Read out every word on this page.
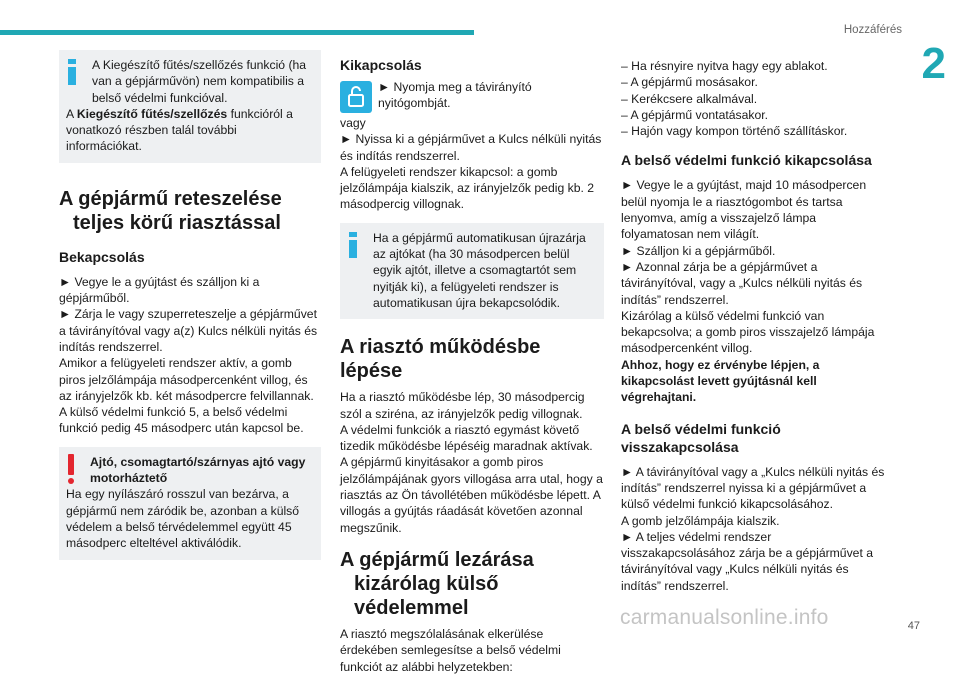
Hozzáférés
2

A Kiegészítő fűtés/szellőzés funkció (ha van a gépjárművön) nem kompatibilis a belső védelmi funkcióval.

A Kiegészítő fűtés/szellőzés funkcióról a vonatkozó részben talál további információkat.

A gépjármű reteszelése
teljes körű riasztással
Bekapcsolás

► Vegye le a gyújtást és szálljon ki a gépjárműből.

► Zárja le vagy szuperreteszelje a gépjárművet a távirányítóval vagy a(z) Kulcs nélküli nyitás és indítás rendszerrel.

Amikor a felügyeleti rendszer aktív, a gomb piros jelzőlámpája másodpercenként villog, és az irányjelzők kb. két másodpercre felvillannak.

A külső védelmi funkció 5, a belső védelmi funkció pedig 45 másodperc után kapcsol be.

Ajtó, csomagtartó/szárnyas ajtó vagy motorháztető

Ha egy nyílászáró rosszul van bezárva, a gépjármű nem záródik be, azonban a külső védelem a belső térvédelemmel együtt 45 másodperc elteltével aktiválódik.

Kikapcsolás

► Nyomja meg a távirányító nyitógombját.

vagy

► Nyissa ki a gépjárművet a Kulcs nélküli nyitás és indítás rendszerrel.

A felügyeleti rendszer kikapcsol: a gomb jelzőlámpája kialszik, az irányjelzők pedig kb. 2 másodpercig villognak.

Ha a gépjármű automatikusan újrazárja az ajtókat (ha 30 másodpercen belül egyik ajtót, illetve a csomagtartót sem nyitják ki), a felügyeleti rendszer is automatikusan újra bekapcsolódik.

A riasztó működésbe lépése

Ha a riasztó működésbe lép, 30 másodpercig szól a sziréna, az irányjelzők pedig villognak.

A védelmi funkciók a riasztó egymást követő tizedik működésbe lépéséig maradnak aktívak.

A gépjármű kinyitásakor a gomb piros jelzőlámpájának gyors villogása arra utal, hogy a riasztás az Ön távollétében működésbe lépett. A villogás a gyújtás ráadását követően azonnal megszűnik.

A gépjármű lezárása
kizárólag külső védelemmel

A riasztó megszólalásának elkerülése érdekében semlegesítse a belső védelmi funkciót az alábbi helyzetekben:

– Ha résnyire nyitva hagy egy ablakot.

– A gépjármű mosásakor.

– Kerékcsere alkalmával.

– A gépjármű vontatásakor.

– Hajón vagy kompon történő szállításkor.

A belső védelmi funkció kikapcsolása

► Vegye le a gyújtást, majd 10 másodpercen belül nyomja le a riasztógombot és tartsa lenyomva, amíg a visszajelző lámpa folyamatosan nem világít.

► Szálljon ki a gépjárműből.

► Azonnal zárja be a gépjárművet a távirányítóval, vagy a „Kulcs nélküli nyitás és indítás” rendszerrel.

Kizárólag a külső védelmi funkció van bekapcsolva; a gomb piros visszajelző lámpája másodpercenként villog.

Ahhoz, hogy ez érvénybe lépjen, a kikapcsolást levett gyújtásnál kell végrehajtani.

A belső védelmi funkció
visszakapcsolása

► A távirányítóval vagy a „Kulcs nélküli nyitás és indítás” rendszerrel nyissa ki a gépjárművet a külső védelmi funkció kikapcsolásához.

A gomb jelzőlámpája kialszik.

► A teljes védelmi rendszer visszakapcsolásához zárja be a gépjárművet a távirányítóval vagy „Kulcs nélküli nyitás és indítás” rendszerrel.

carmanualsonline.info	47
